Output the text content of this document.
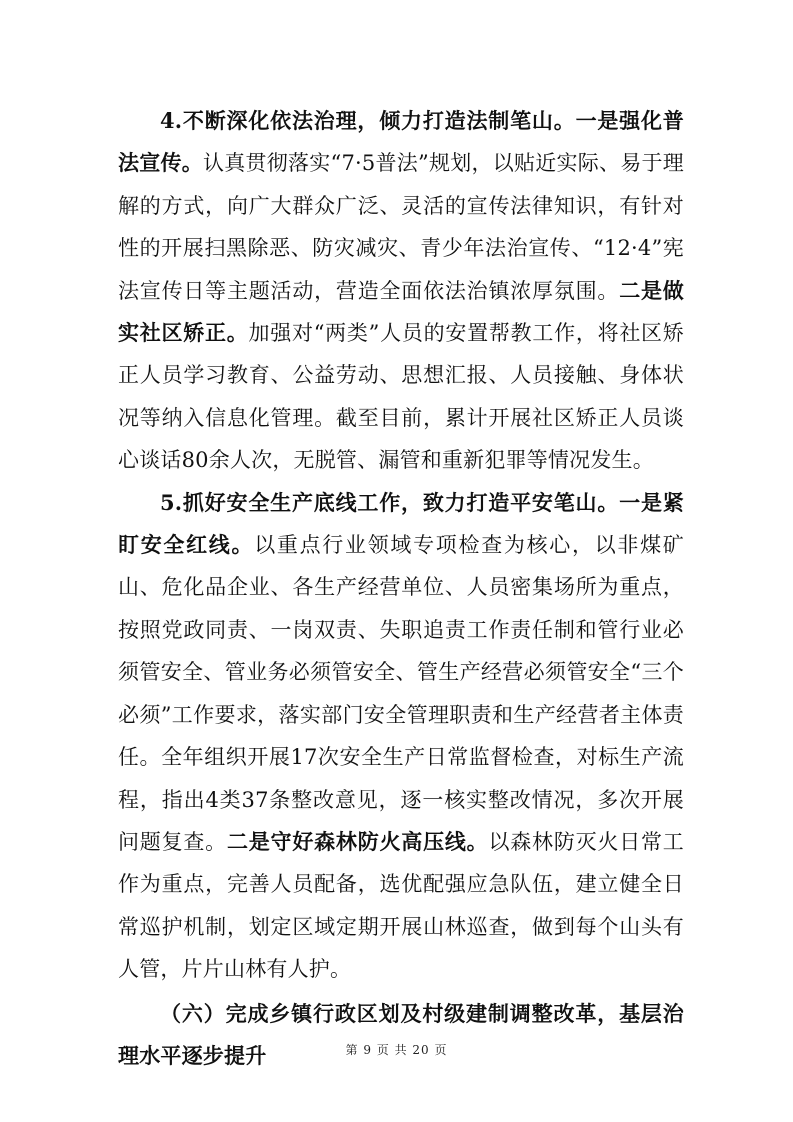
4.不断深化依法治理，倾力打造法制笔山。一是强化普法宣传。认真贯彻落实“7·5普法”规划，以贴近实际、易于理解的方式，向广大群众广泛、灵活的宣传法律知识，有针对性的开展扫黑除恶、防灾减灾、青少年法治宣传、“12·4”宪法宣传日等主题活动，营造全面依法治镇浓厚氛围。二是做实社区矫正。加强对“两类”人员的安置帮教工作，将社区矫正人员学习教育、公益劳动、思想汇报、人员接触、身体状况等纳入信息化管理。截至目前，累计开展社区矫正人员谈心谈话80余人次，无脱管、漏管和重新犯罪等情况发生。

5.抓好安全生产底线工作，致力打造平安笔山。一是紧盯安全红线。以重点行业领域专项检查为核心，以非煤矿山、危化品企业、各生产经营单位、人员密集场所为重点，按照党政同责、一岗双责、失职追责工作责任制和管行业必须管安全、管业务必须管安全、管生产经营必须管安全“三个必须”工作要求，落实部门安全管理职责和生产经营者主体责任。全年组织开展17次安全生产日常监督检查，对标生产流程，指出4类37条整改意见，逐一核实整改情况，多次开展问题复查。二是守好森林防火高压线。以森林防灭火日常工作为重点，完善人员配备，选优配强应急队伍，建立健全日常巡护机制，划定区域定期开展山林巡查，做到每个山头有人管，片片山林有人护。

（六）完成乡镇行政区划及村级建制调整改革，基层治理水平逐步提升	第 9 页 共 20 页
